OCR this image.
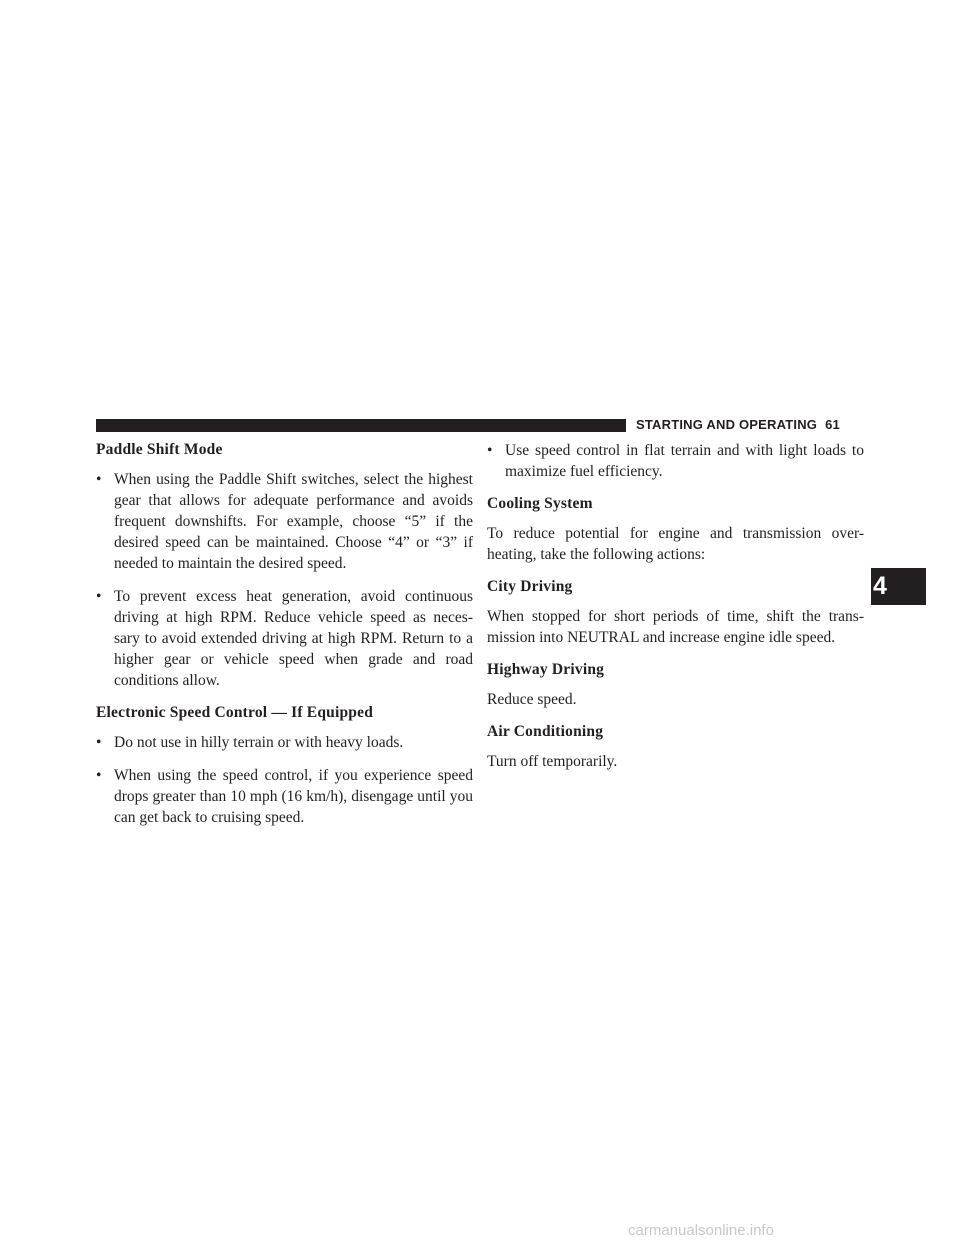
STARTING AND OPERATING 61
Paddle Shift Mode
• When using the Paddle Shift switches, select the highest gear that allows for adequate performance and avoids frequent downshifts. For example, choose “5” if the desired speed can be maintained. Choose “4” or “3” if needed to maintain the desired speed.
• To prevent excess heat generation, avoid continuous driving at high RPM. Reduce vehicle speed as neces- sary to avoid extended driving at high RPM. Return to a higher gear or vehicle speed when grade and road conditions allow.
Electronic Speed Control — If Equipped
• Do not use in hilly terrain or with heavy loads.
• When using the speed control, if you experience speed drops greater than 10 mph (16 km/h), disengage until you can get back to cruising speed.
• Use speed control in flat terrain and with light loads to maximize fuel efficiency.
Cooling System

To reduce potential for engine and transmission over- heating, take the following actions:

City Driving

When stopped for short periods of time, shift the trans- mission into NEUTRAL and increase engine idle speed.

Highway Driving

Reduce speed.

Air Conditioning

Turn off temporarily.

4
carmanualsonline.info
